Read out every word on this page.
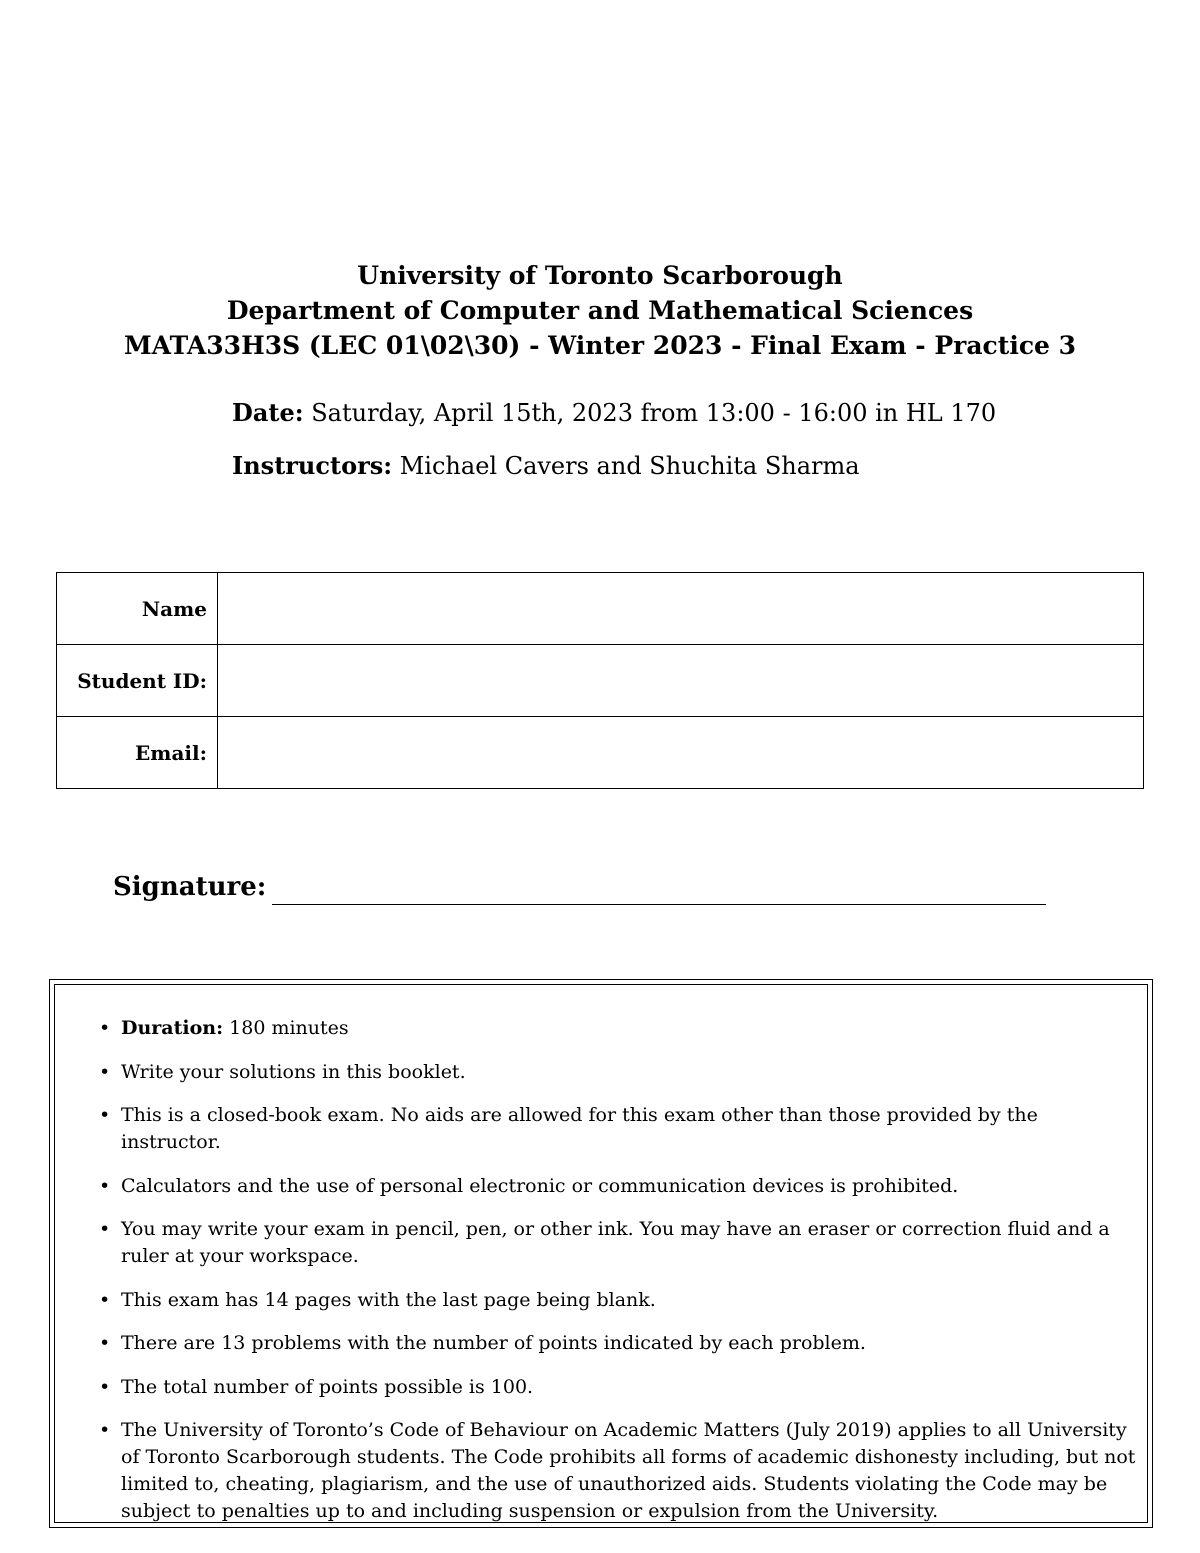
University of Toronto Scarborough
Department of Computer and Mathematical Sciences
MATA33H3S (LEC 01\02\30) - Winter 2023 - Final Exam - Practice 3
Date: Saturday, April 15th, 2023 from 13:00 - 16:00 in HL 170
Instructors: Michael Cavers and Shuchita Sharma
Name	
Student ID:	
Email:	
Signature:
• Duration: 180 minutes
• Write your solutions in this booklet.
• This is a closed-book exam. No aids are allowed for this exam other than those provided by the instructor.
• Calculators and the use of personal electronic or communication devices is prohibited.
• You may write your exam in pencil, pen, or other ink. You may have an eraser or correction fluid and a ruler at your workspace.
• This exam has 14 pages with the last page being blank.
• There are 13 problems with the number of points indicated by each problem.
• The total number of points possible is 100.
• The University of Toronto’s Code of Behaviour on Academic Matters (July 2019) applies to all University of Toronto Scarborough students. The Code prohibits all forms of academic dishonesty including, but not limited to, cheating, plagiarism, and the use of unauthorized aids. Students violating the Code may be subject to penalties up to and including suspension or expulsion from the University.
